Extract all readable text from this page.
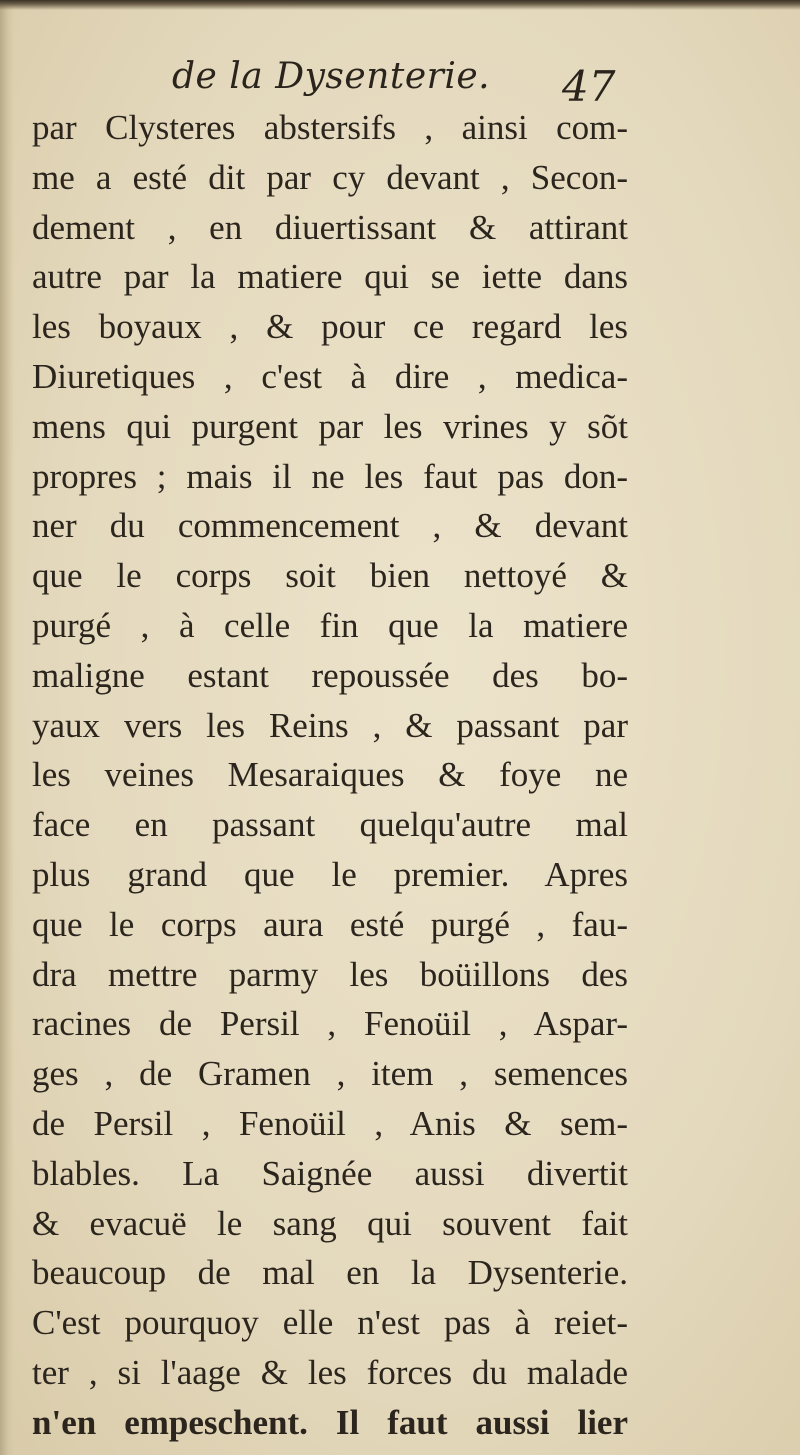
de la Dysenterie. 47
par Clysteres abstersifs , ainsi com-
me a esté dit par cy devant , Secon-
dement , en diuertissant & attirant
autre par la matiere qui se iette dans
les boyaux , & pour ce regard les
Diuretiques , c'est à dire , medica-
mens qui purgent par les vrines y sõt
propres ; mais il ne les faut pas don-
ner du commencement , & devant
que le corps soit bien nettoyé &
purgé , à celle fin que la matiere
maligne estant repoussée des bo-
yaux vers les Reins , & passant par
les veines Mesaraiques & foye ne
face en passant quelqu'autre mal
plus grand que le premier. Apres
que le corps aura esté purgé , fau-
dra mettre parmy les boüillons des
racines de Persil , Fenoüil , Aspar-
ges , de Gramen , item , semences
de Persil , Fenoüil , Anis & sem-
blables. La Saignée aussi divertit
& evacuë le sang qui souvent fait
beaucoup de mal en la Dysenterie.
C'est pourquoy elle n'est pas à reiet-
ter , si l'aage & les forces du malade
n'en empeschent. Il faut aussi lier
